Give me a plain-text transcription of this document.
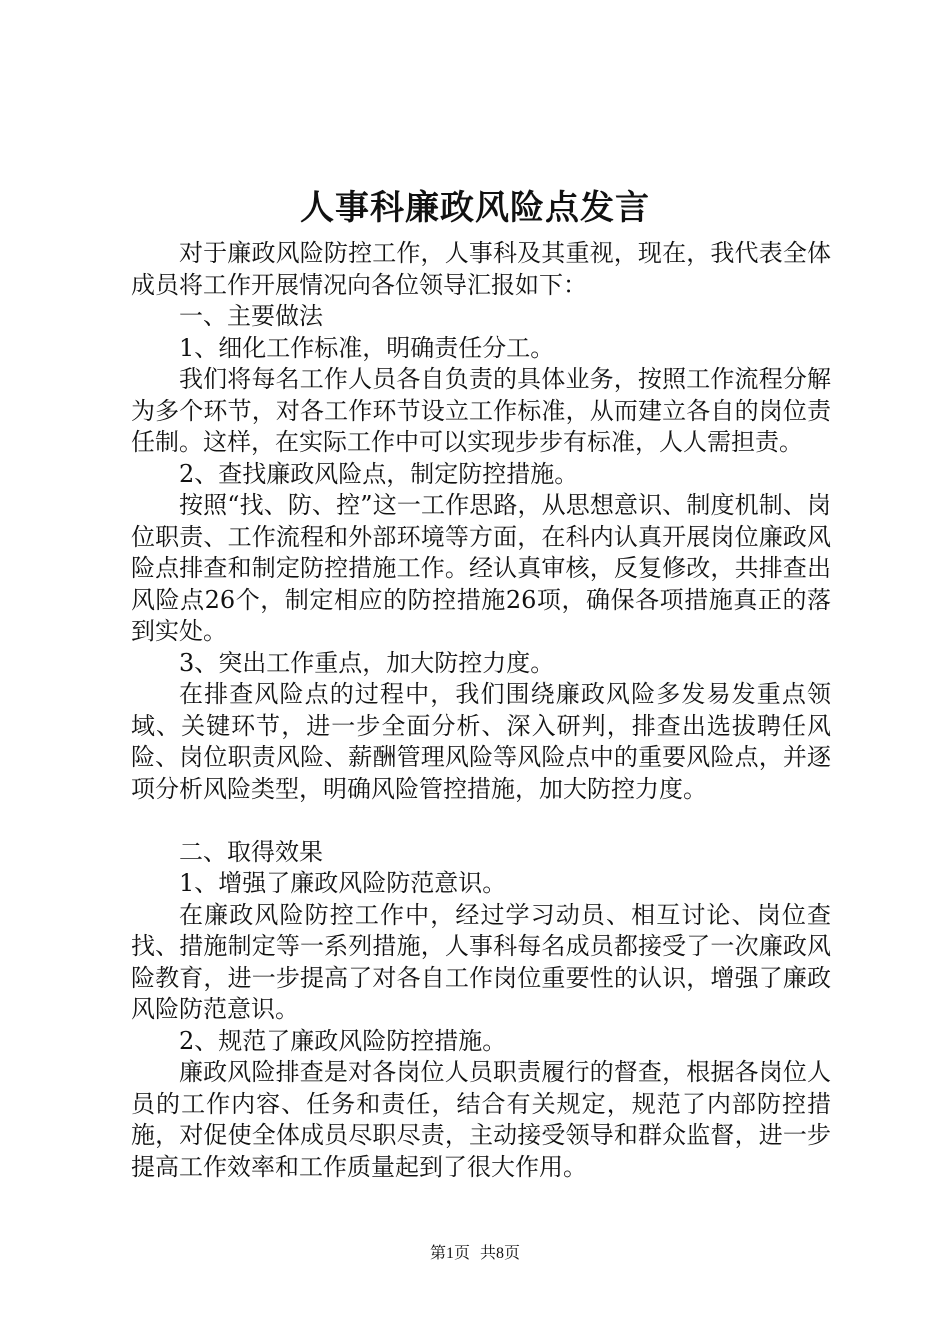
人事科廉政风险点发言

对于廉政风险防控工作，人事科及其重视，现在，我代表全体成员将工作开展情况向各位领导汇报如下：

一、主要做法

1、细化工作标准，明确责任分工。

我们将每名工作人员各自负责的具体业务，按照工作流程分解为多个环节，对各工作环节设立工作标准，从而建立各自的岗位责任制。这样，在实际工作中可以实现步步有标准，人人需担责。

2、查找廉政风险点，制定防控措施。

按照“找、防、控”这一工作思路，从思想意识、制度机制、岗位职责、工作流程和外部环境等方面，在科内认真开展岗位廉政风险点排查和制定防控措施工作。经认真审核，反复修改，共排查出风险点26个，制定相应的防控措施26项，确保各项措施真正的落到实处。

3、突出工作重点，加大防控力度。

在排查风险点的过程中，我们围绕廉政风险多发易发重点领域、关键环节，进一步全面分析、深入研判，排查出选拔聘任风险、岗位职责风险、薪酬管理风险等风险点中的重要风险点，并逐项分析风险类型，明确风险管控措施，加大防控力度。

二、取得效果

1、增强了廉政风险防范意识。

在廉政风险防控工作中，经过学习动员、相互讨论、岗位查找、措施制定等一系列措施，人事科每名成员都接受了一次廉政风险教育，进一步提高了对各自工作岗位重要性的认识，增强了廉政风险防范意识。

2、规范了廉政风险防控措施。

廉政风险排查是对各岗位人员职责履行的督查，根据各岗位人员的工作内容、任务和责任，结合有关规定，规范了内部防控措施，对促使全体成员尽职尽责，主动接受领导和群众监督，进一步提高工作效率和工作质量起到了很大作用。

第1页 共8页
